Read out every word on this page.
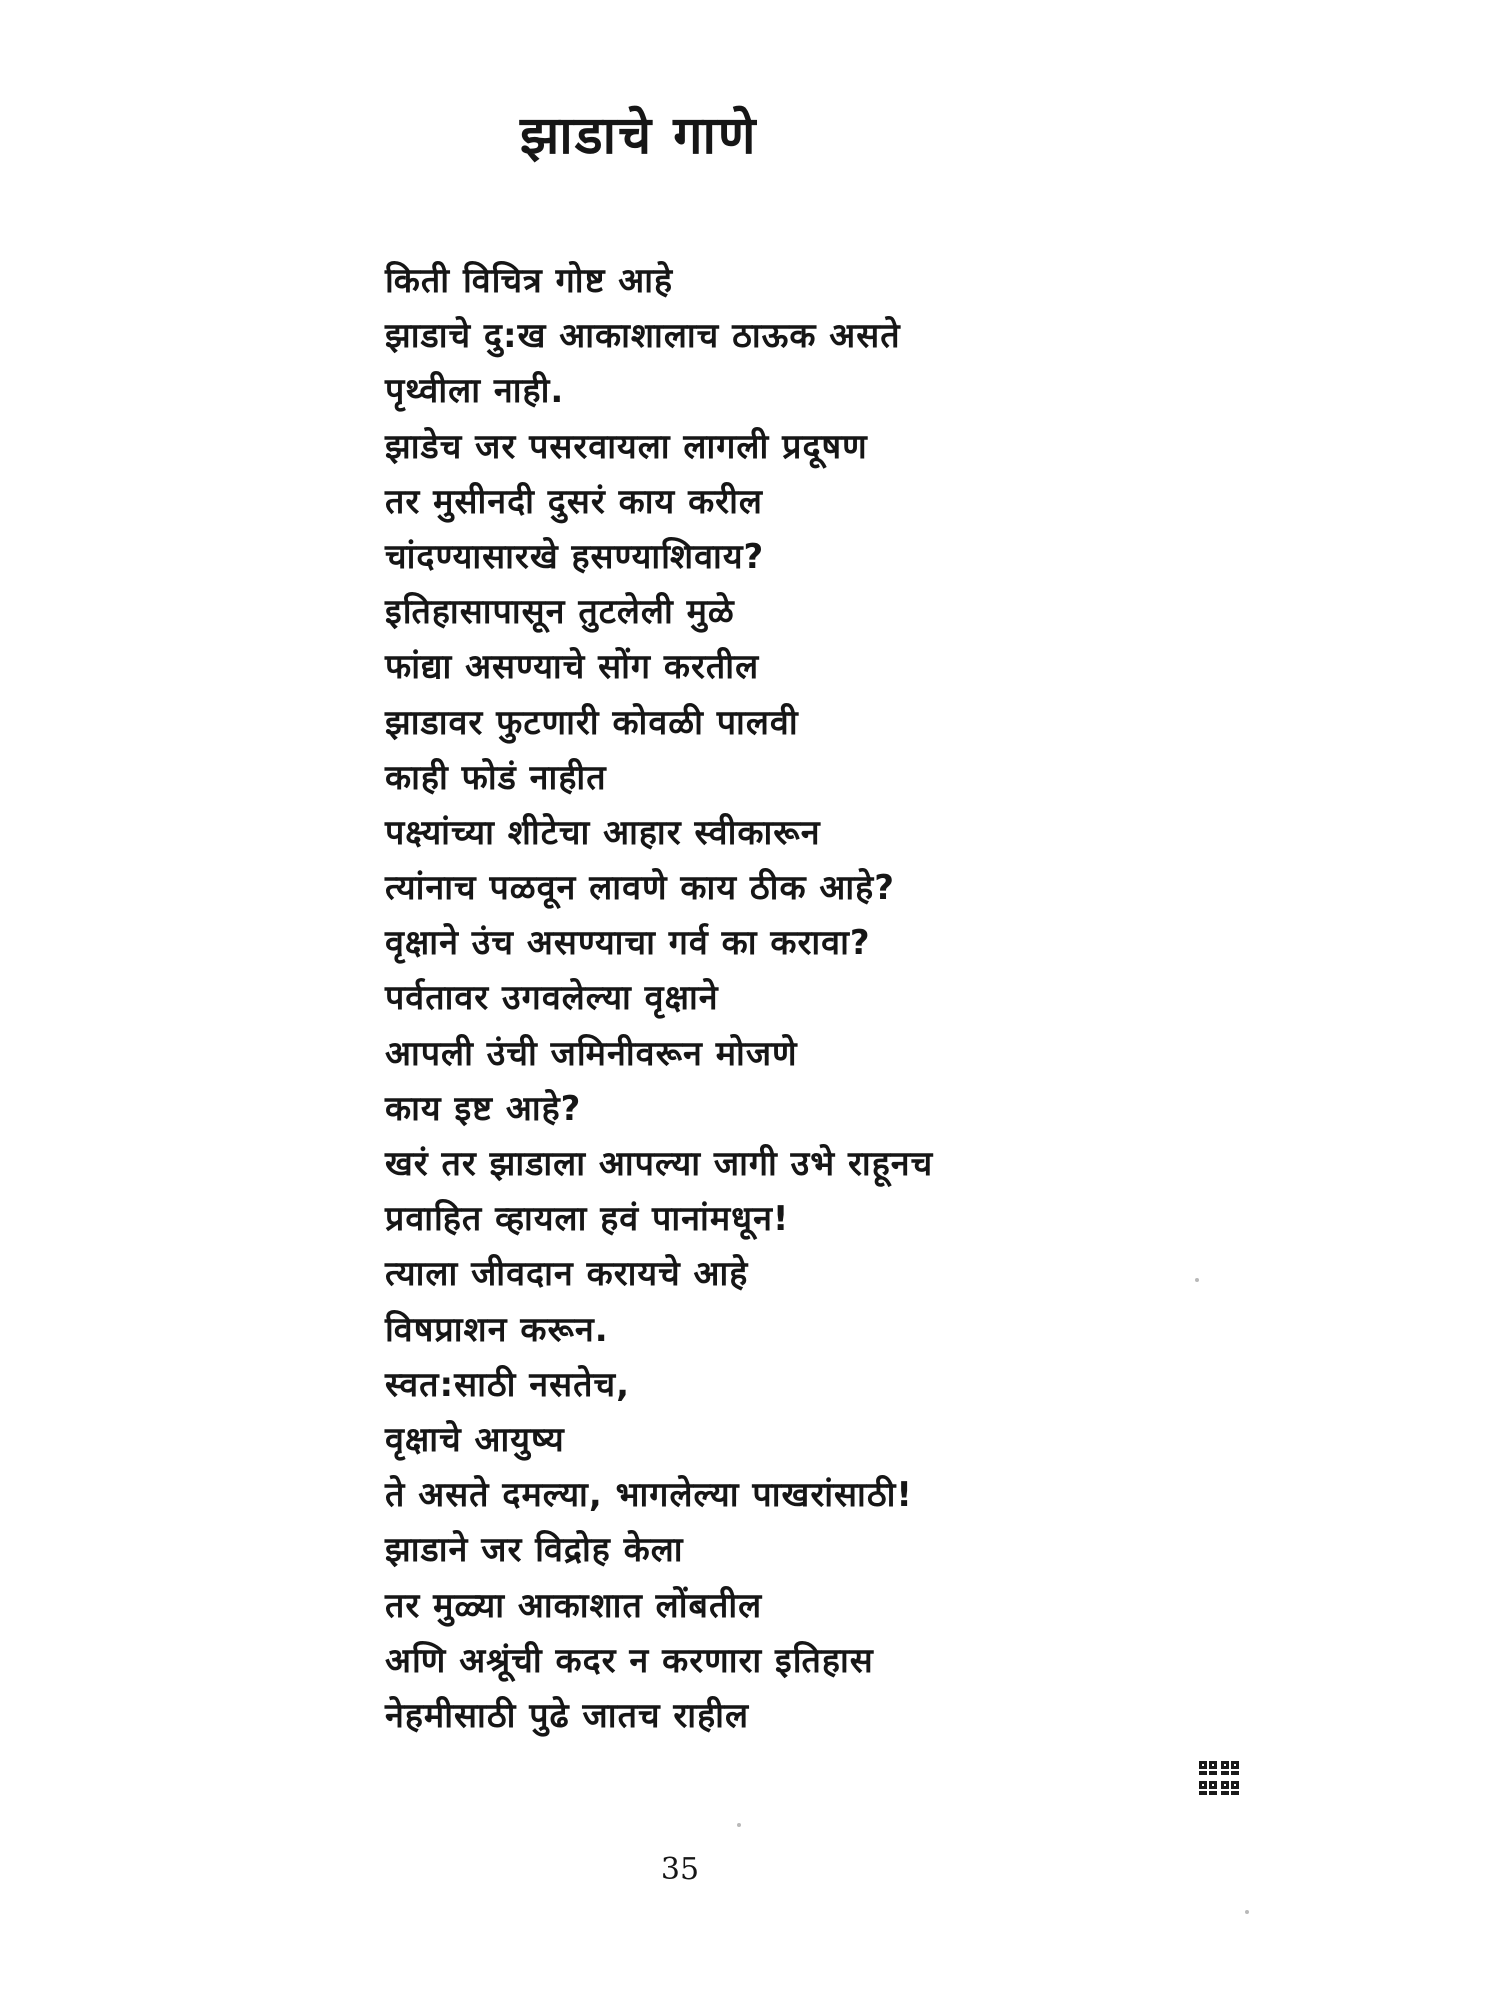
झाडाचे गाणे
किती विचित्र गोष्ट आहे
झाडाचे दु:ख आकाशालाच ठाऊक असते
पृथ्वीला नाही.
झाडेच जर पसरवायला लागली प्रदूषण
तर मुसीनदी दुसरं काय करील
चांदण्यासारखे हसण्याशिवाय?
इतिहासापासून तुटलेली मुळे
फांद्या असण्याचे सोंग करतील
झाडावर फुटणारी कोवळी पालवी
काही फोडं नाहीत
पक्ष्यांच्या शीटेचा आहार स्वीकारून
त्यांनाच पळवून लावणे काय ठीक आहे?
वृक्षाने उंच असण्याचा गर्व का करावा?
पर्वतावर उगवलेल्या वृक्षाने
आपली उंची जमिनीवरून मोजणे
काय इष्ट आहे?
खरं तर झाडाला आपल्या जागी उभे राहूनच
प्रवाहित व्हायला हवं पानांमधून!
त्याला जीवदान करायचे आहे
विषप्राशन करून.
स्वत:साठी नसतेच,
वृक्षाचे आयुष्य
ते असते दमल्या, भागलेल्या पाखरांसाठी!
झाडाने जर विद्रोह केला
तर मुळ्या आकाशात लोंबतील
अणि अश्रूंची कदर न करणारा इतिहास
नेहमीसाठी पुढे जातच राहील
35
